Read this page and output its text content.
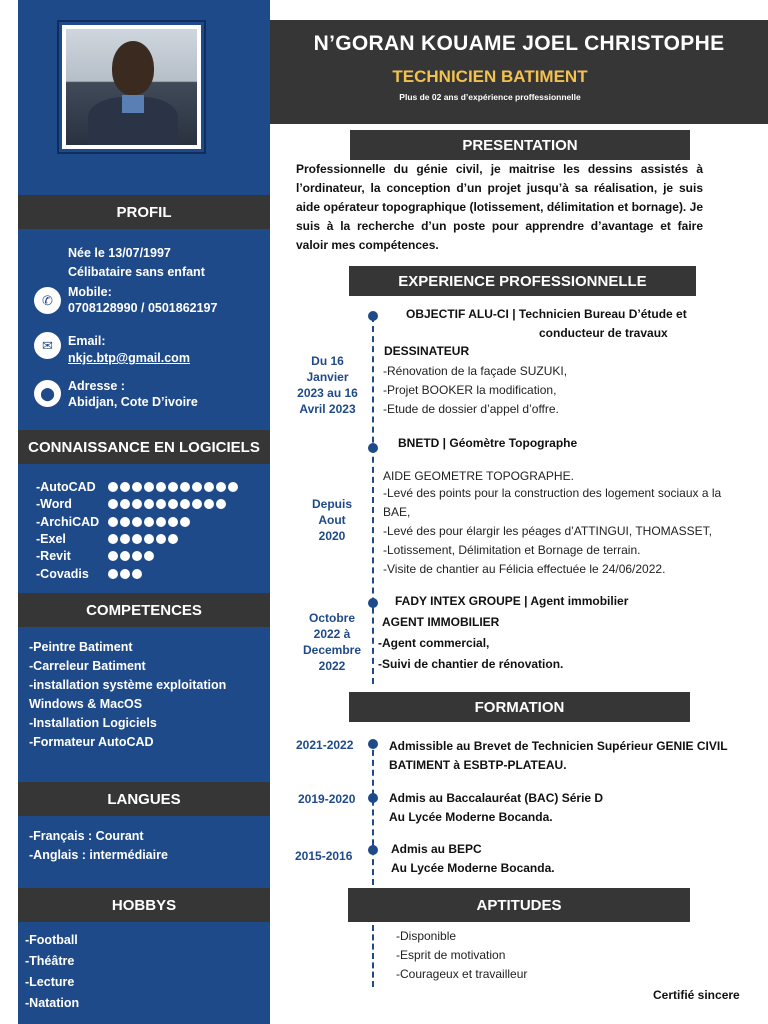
N’GORAN KOUAME JOEL CHRISTOPHE
TECHNICIEN BATIMENT
Plus de 02 ans d’expérience proffessionnelle
PROFIL
Née le 13/07/1997
Célibataire sans enfant
✆
Mobile:
0708128990 / 0501862197
✉	Email:
nkjc.btp@gmail.com
⬤	Adresse :
Abidjan, Cote D’ivoire
CONNAISSANCE EN LOGICIELS
-AutoCAD
-Word
-ArchiCAD
-Exel
-Revit
-Covadis
COMPETENCES
-Peintre Batiment
-Carreleur Batiment
-installation système exploitation
Windows & MacOS
-Installation Logiciels
-Formateur AutoCAD
LANGUES
-Français : Courant
-Anglais : intermédiaire
HOBBYS
-Football
-Théâtre
-Lecture
-Natation
PRESENTATION
Professionnelle du génie civil, je maitrise les dessins assistés à l’ordinateur, la conception d’un projet jusqu’à sa réalisation, je suis aide opérateur topographique (lotissement, délimitation et bornage). Je suis à la recherche d’un poste pour apprendre d’avantage et faire valoir mes compétences.
EXPERIENCE PROFESSIONNELLE
Du 16
Janvier
2023 au 16
Avril 2023
OBJECTIF ALU-CI | Technicien Bureau D’étude et
conducteur de travaux
DESSINATEUR
-Rénovation de la façade SUZUKI,
-Projet BOOKER la modification,
-Etude de dossier d’appel d’offre.
Depuis
Aout
2020
BNETD | Géomètre Topographe
AIDE GEOMETRE TOPOGRAPHE.
-Levé des points pour la construction des logement sociaux a la
BAE,
-Levé des pour élargir les péages d’ATTINGUI, THOMASSET,
-Lotissement, Délimitation et Bornage de terrain.
-Visite de chantier au Félicia effectuée le 24/06/2022.
Octobre
2022 à
Decembre
2022
FADY INTEX GROUPE | Agent immobilier
AGENT IMMOBILIER
-Agent commercial,
-Suivi de chantier de rénovation.
FORMATION
2021-2022	Admissible au Brevet de Technicien Supérieur GENIE CIVIL
BATIMENT à ESBTP-PLATEAU.
2019-2020	Admis au Baccalauréat (BAC) Série D
Au Lycée Moderne Bocanda.
2015-2016	Admis au BEPC
Au Lycée Moderne Bocanda.
APTITUDES
-Disponible
-Esprit de motivation
-Courageux et travailleur
Certifié sincere
